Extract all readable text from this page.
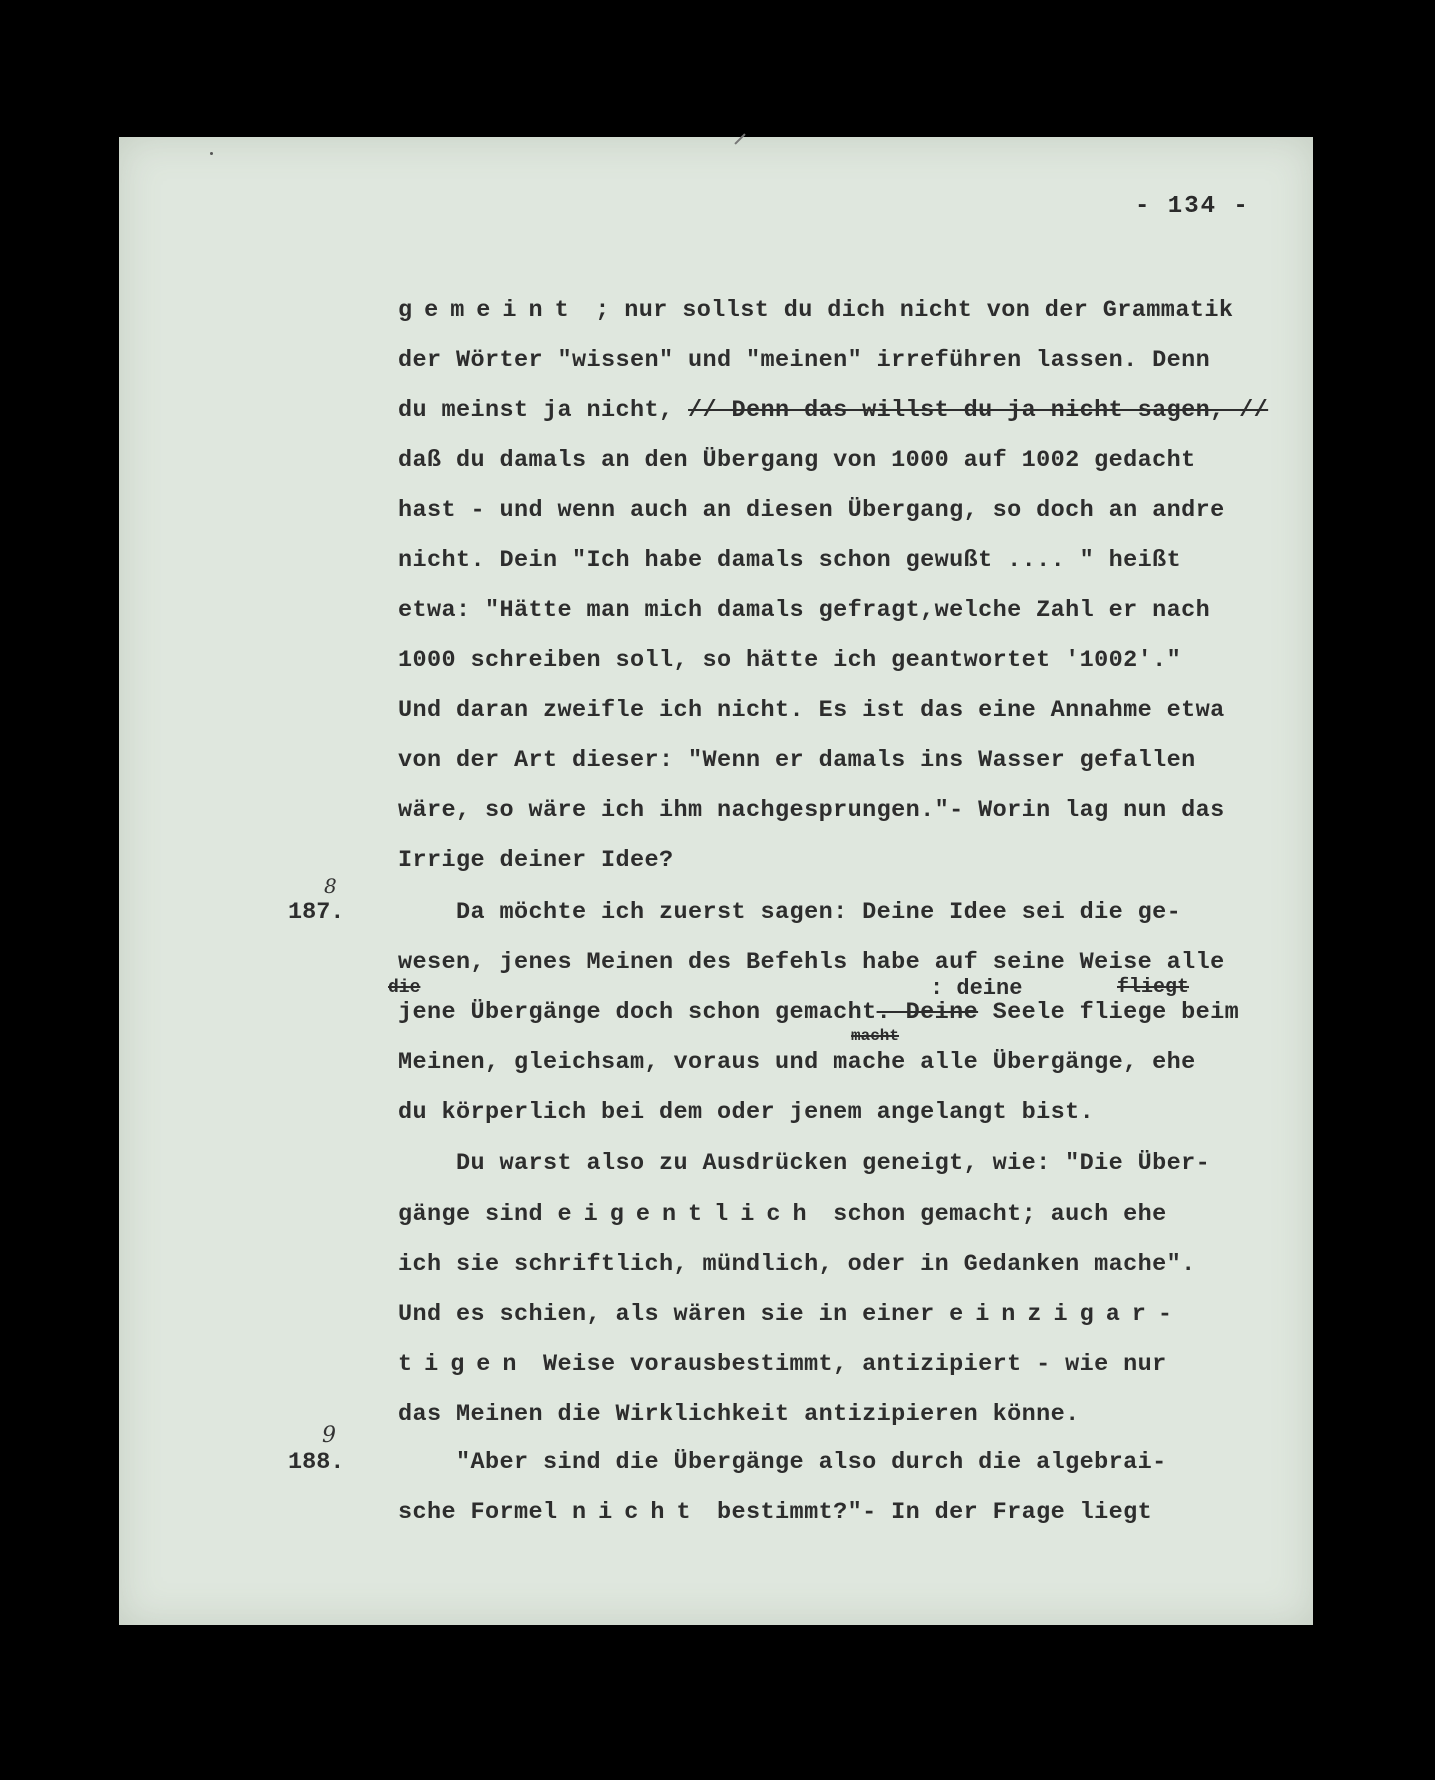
- 134 -
gemeint ; nur sollst du dich nicht von der Grammatik
der Wörter "wissen" und "meinen" irreführen lassen. Denn
du meinst ja nicht, // Denn das willst du ja nicht sagen, //
daß du damals an den Übergang von 1000 auf 1002 gedacht
hast - und wenn auch an diesen Übergang, so doch an andre
nicht. Dein "Ich habe damals schon gewußt .... " heißt
etwa: "Hätte man mich damals gefragt,welche Zahl er nach
1000 schreiben soll, so hätte ich geantwortet '1002'."
Und daran zweifle ich nicht. Es ist das eine Annahme etwa
von der Art dieser: "Wenn er damals ins Wasser gefallen
wäre, so wäre ich ihm nachgesprungen."- Worin lag nun das
Irrige deiner Idee?
Da möchte ich zuerst sagen: Deine Idee sei die ge-
wesen, jenes Meinen des Befehls habe auf seine Weise alle
jene Übergänge doch schon gemacht. Deine Seele fliege beim
Meinen, gleichsam, voraus und mache alle Übergänge, ehe
du körperlich bei dem oder jenem angelangt bist.
Du warst also zu Ausdrücken geneigt, wie: "Die Über-
gänge sind eigentlich schon gemacht; auch ehe
ich sie schriftlich, mündlich, oder in Gedanken mache".
Und es schien, als wären sie in einer einzigar-
tigen Weise vorausbestimmt, antizipiert - wie nur
das Meinen die Wirklichkeit antizipieren könne.
"Aber sind die Übergänge also durch die algebrai-
sche Formel nicht bestimmt?"- In der Frage liegt
187.
188.
8
9
die	: deine	fliegt
macht
